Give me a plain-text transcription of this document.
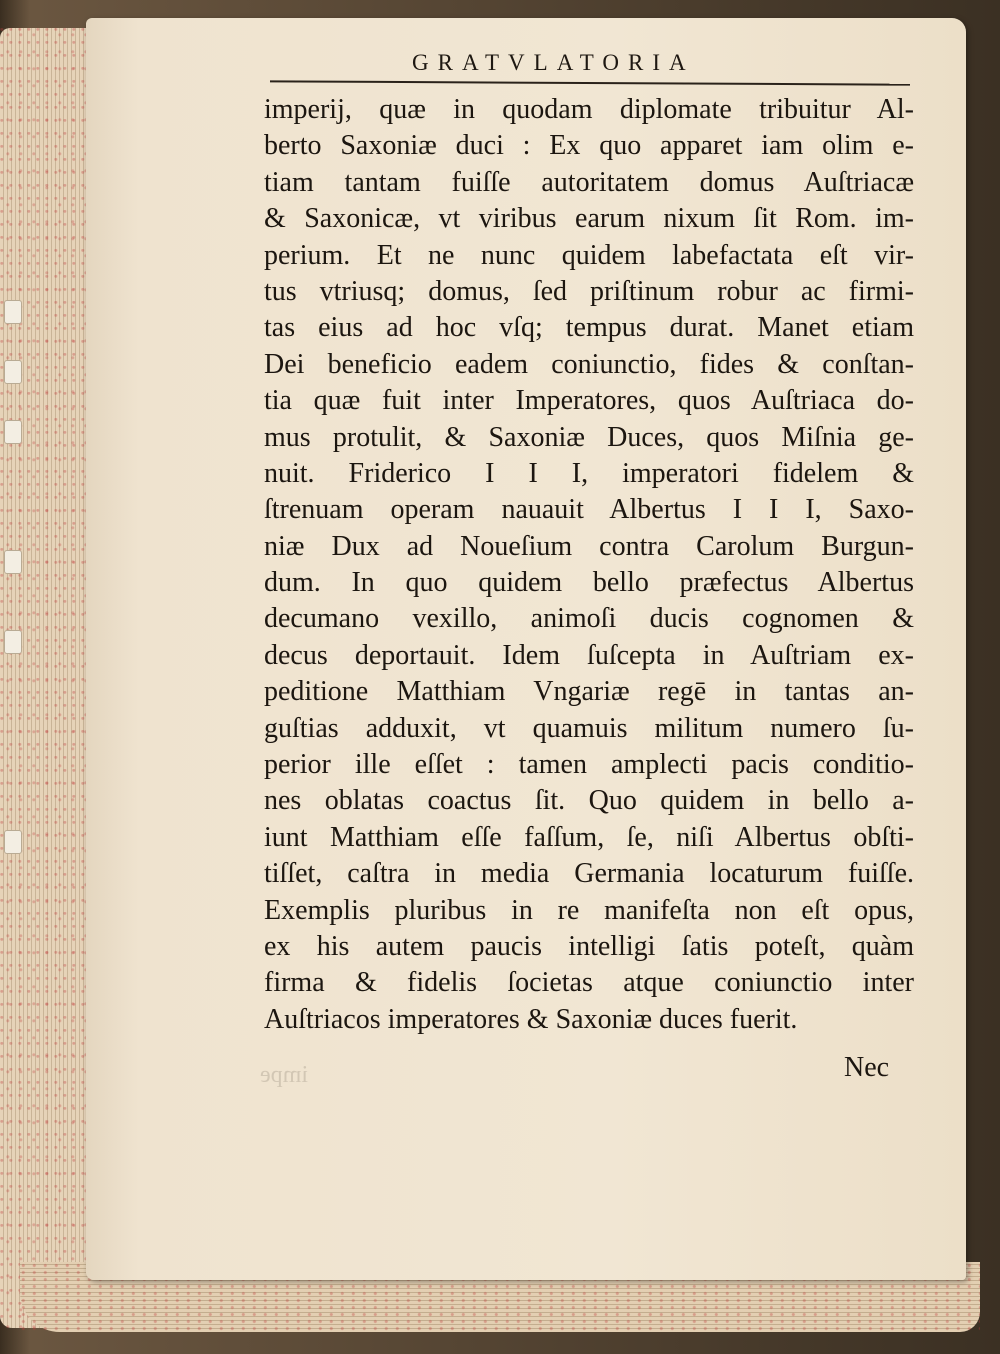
GRATVLATORIA
imperij, quæ in quodam diplomate tribuitur Al-
berto Saxoniæ duci : Ex quo apparet iam olim e-
tiam tantam fuiſſe autoritatem domus Auſtriacæ
& Saxonicæ, vt viribus earum nixum ſit Rom. im-
perium. Et ne nunc quidem labefactata eſt vir-
tus vtriusq; domus, ſed priſtinum robur ac firmi-
tas eius ad hoc vſq; tempus durat. Manet etiam
Dei beneficio eadem coniunctio, fides & conſtan-
tia quæ fuit inter Imperatores, quos Auſtriaca do-
mus protulit, & Saxoniæ Duces, quos Miſnia ge-
nuit. Friderico I I I, imperatori fidelem &
ſtrenuam operam nauauit Albertus I I I, Saxo-
niæ Dux ad Noueſium contra Carolum Burgun-
dum. In quo quidem bello præfectus Albertus
decumano vexillo, animoſi ducis cognomen &
decus deportauit. Idem ſuſcepta in Auſtriam ex-
peditione Matthiam Vngariæ regē in tantas an-
guſtias adduxit, vt quamuis militum numero ſu-
perior ille eſſet : tamen amplecti pacis conditio-
nes oblatas coactus ſit. Quo quidem in bello a-
iunt Matthiam eſſe faſſum, ſe, niſi Albertus obſti-
tiſſet, caſtra in media Germania locaturum fuiſſe.
Exemplis pluribus in re manifeſta non eſt opus,
ex his autem paucis intelligi ſatis poteſt, quàm
firma & fidelis ſocietas atque coniunctio inter
Auſtriacos imperatores & Saxoniæ duces fuerit.
impe	Nec
